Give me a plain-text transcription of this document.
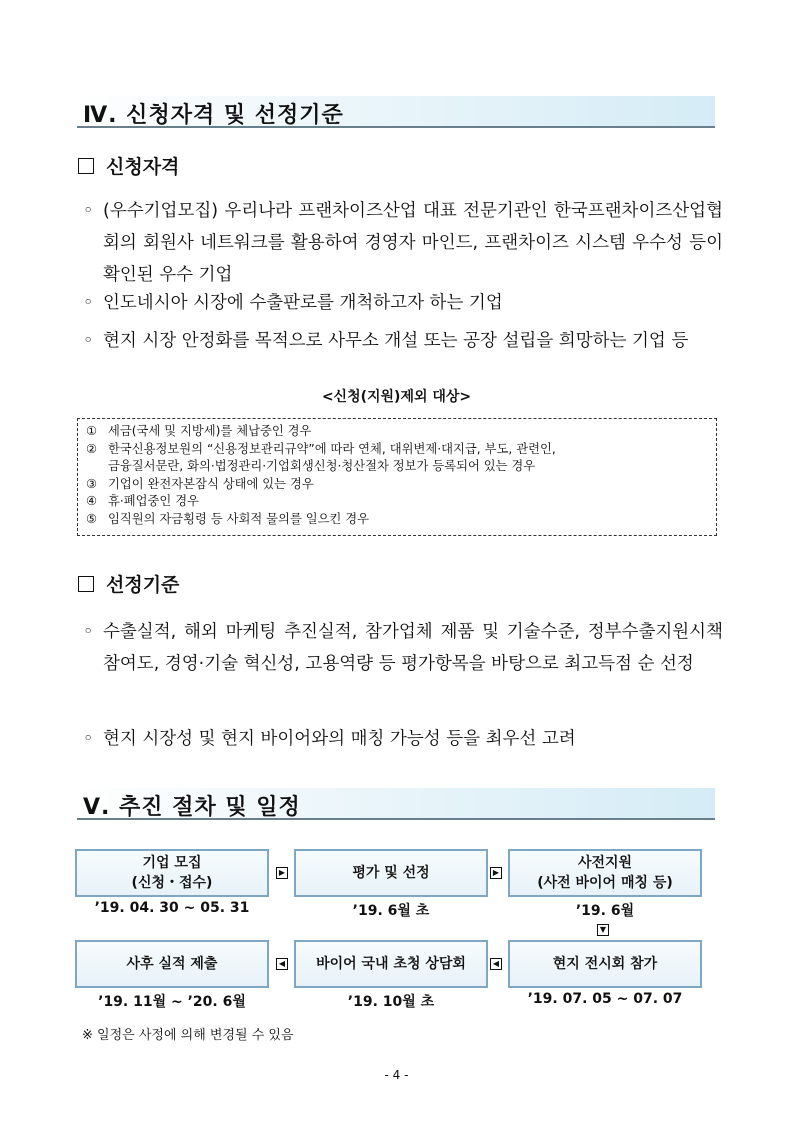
Ⅳ. 신청자격 및 선정기준
신청자격
◦ (우수기업모집) 우리나라 프랜차이즈산업 대표 전문기관인 한국프랜차이즈산업협회의 회원사 네트워크를 활용하여 경영자 마인드, 프랜차이즈 시스템 우수성 등이 확인된 우수 기업
◦ 인도네시아 시장에 수출판로를 개척하고자 하는 기업
◦ 현지 시장 안정화를 목적으로 사무소 개설 또는 공장 설립을 희망하는 기업 등
<신청(지원)제외 대상>
① 세금(국세 및 지방세)를 체납중인 경우
② 한국신용정보원의 “신용정보관리규약”에 따라 연체, 대위변제·대지급, 부도, 관련인,
금융질서문란, 화의·법정관리·기업회생신청·청산절차 정보가 등록되어 있는 경우
③ 기업이 완전자본잠식 상태에 있는 경우
④ 휴·폐업중인 경우
⑤ 임직원의 자금횡령 등 사회적 물의를 일으킨 경우
선정기준
◦ 수출실적, 해외 마케팅 추진실적, 참가업체 제품 및 기술수준, 정부수출지원시책 참여도, 경영·기술 혁신성, 고용역량 등 평가항목을 바탕으로 최고득점 순 선정
◦ 현지 시장성 및 현지 바이어와의 매칭 가능성 등을 최우선 고려
Ⅴ. 추진 절차 및 일정
기업 모집
(신청・접수)
▶	평가 및 선정	▶
사전지원
(사전 바이어 매칭 등)
’19. 04. 30 ~ 05. 31	’19. 6월 초	’19. 6월
▼
사후 실적 제출	◀ 바이어 국내 초청 상담회	◀	현지 전시회 참가
’19. 11월 ~ ’20. 6월	’19. 10월 초	’19. 07. 05 ~ 07. 07
※ 일정은 사정에 의해 변경될 수 있음
- 4 -
